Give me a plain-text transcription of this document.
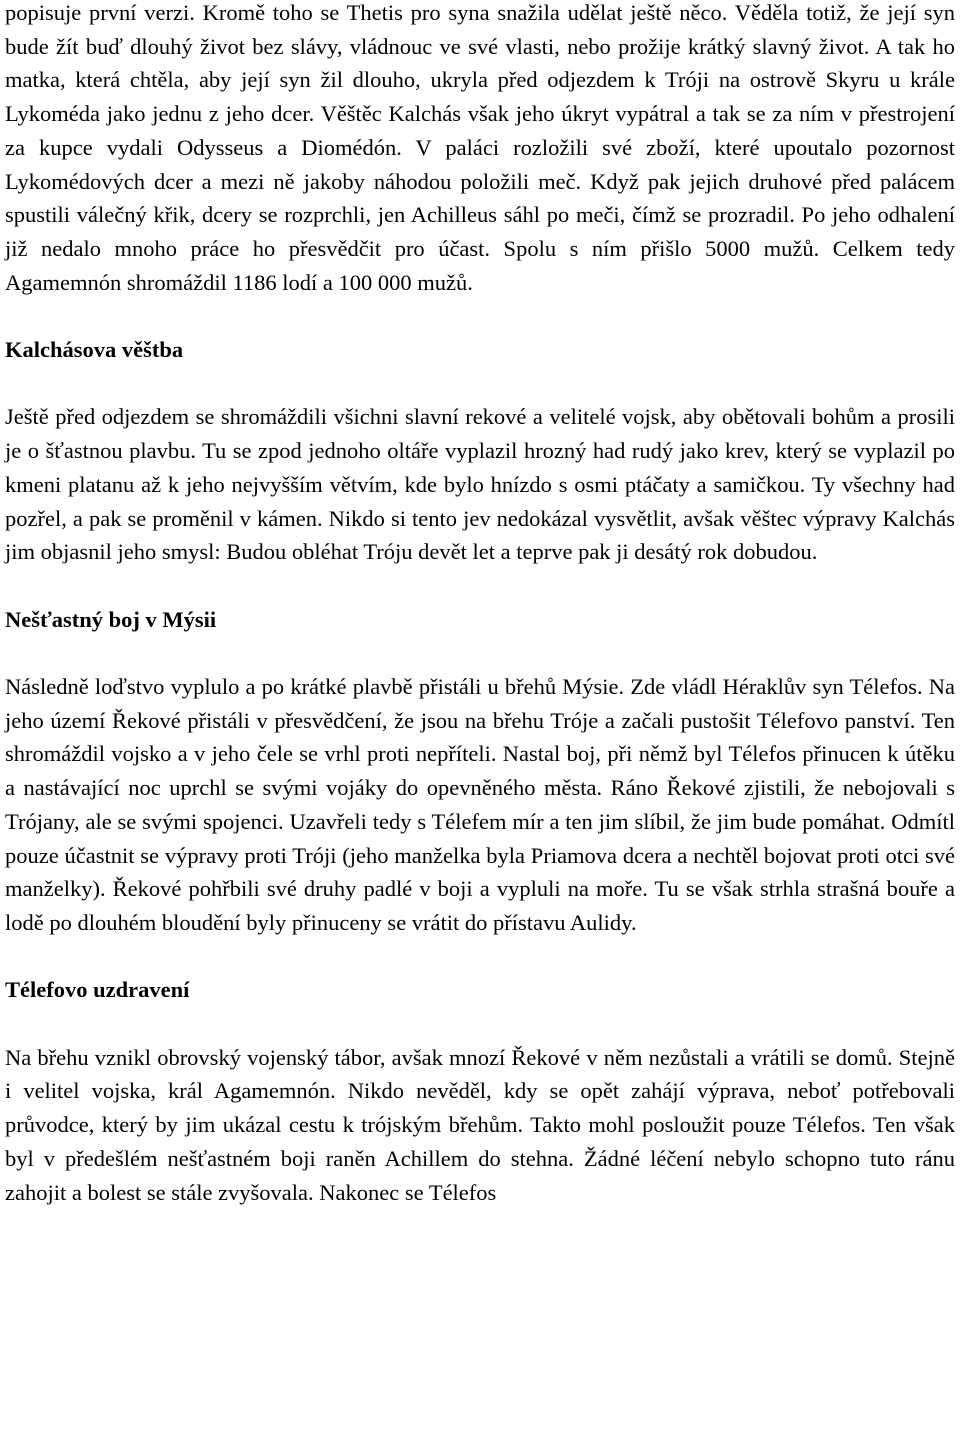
popisuje první verzi. Kromě toho se Thetis pro syna snažila udělat ještě něco. Věděla totiž, že její syn bude žít buď dlouhý život bez slávy, vládnouc ve své vlasti, nebo prožije krátký slavný život. A tak ho matka, která chtěla, aby její syn žil dlouho, ukryla před odjezdem k Tróji na ostrově Skyru u krále Lykoméda jako jednu z jeho dcer. Věštěc Kalchás však jeho úkryt vypátral a tak se za ním v přestrojení za kupce vydali Odysseus a Diomédón. V paláci rozložili své zboží, které upoutalo pozornost Lykomédových dcer a mezi ně jakoby náhodou položili meč. Když pak jejich druhové před palácem spustili válečný křik, dcery se rozprchli, jen Achilleus sáhl po meči, čímž se prozradil. Po jeho odhalení již nedalo mnoho práce ho přesvědčit pro účast. Spolu s ním přišlo 5000 mužů. Celkem tedy Agamemnón shromáždil 1186 lodí a 100 000 mužů.

Kalchásova věštba

Ještě před odjezdem se shromáždili všichni slavní rekové a velitelé vojsk, aby obětovali bohům a prosili je o šťastnou plavbu. Tu se zpod jednoho oltáře vyplazil hrozný had rudý jako krev, který se vyplazil po kmeni platanu až k jeho nejvyšším větvím, kde bylo hnízdo s osmi ptáčaty a samičkou. Ty všechny had pozřel, a pak se proměnil v kámen. Nikdo si tento jev nedokázal vysvětlit, avšak věštec výpravy Kalchás jim objasnil jeho smysl: Budou obléhat Tróju devět let a teprve pak ji desátý rok dobudou.

Nešťastný boj v Mýsii

Následně loďstvo vyplulo a po krátké plavbě přistáli u břehů Mýsie. Zde vládl Héraklův syn Télefos. Na jeho území Řekové přistáli v přesvědčení, že jsou na břehu Tróje a začali pustošit Télefovo panství. Ten shromáždil vojsko a v jeho čele se vrhl proti nepříteli. Nastal boj, při němž byl Télefos přinucen k útěku a nastávající noc uprchl se svými vojáky do opevněného města. Ráno Řekové zjistili, že nebojovali s Trójany, ale se svými spojenci. Uzavřeli tedy s Télefem mír a ten jim slíbil, že jim bude pomáhat. Odmítl pouze účastnit se výpravy proti Tróji (jeho manželka byla Priamova dcera a nechtěl bojovat proti otci své manželky). Řekové pohřbili své druhy padlé v boji a vypluli na moře. Tu se však strhla strašná bouře a lodě po dlouhém bloudění byly přinuceny se vrátit do přístavu Aulidy.

Télefovo uzdravení

Na břehu vznikl obrovský vojenský tábor, avšak mnozí Řekové v něm nezůstali a vrátili se domů. Stejně i velitel vojska, král Agamemnón. Nikdo nevěděl, kdy se opět zahájí výprava, neboť potřebovali průvodce, který by jim ukázal cestu k trójským břehům. Takto mohl posloužit pouze Télefos. Ten však byl v předešlém nešťastném boji raněn Achillem do stehna. Žádné léčení nebylo schopno tuto ránu zahojit a bolest se stále zvyšovala. Nakonec se Télefos
